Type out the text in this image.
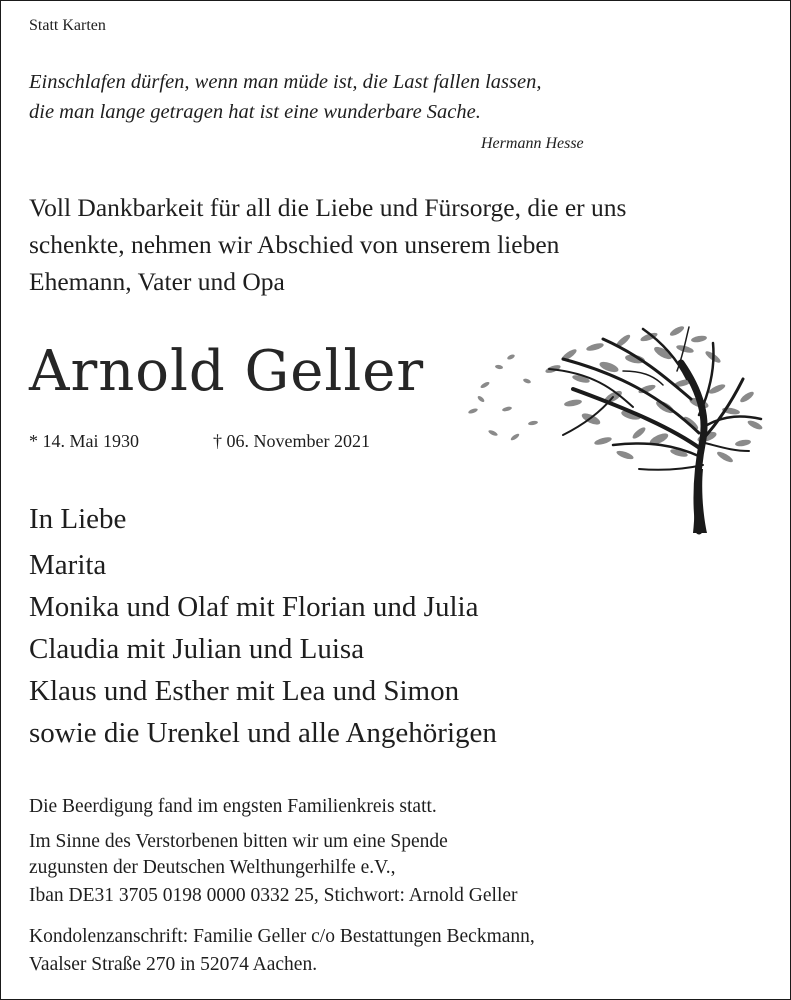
Statt Karten

Einschlafen dürfen, wenn man müde ist, die Last fallen lassen,

die man lange getragen hat ist eine wunderbare Sache.

Hermann Hesse

Voll Dankbarkeit für all die Liebe und Fürsorge, die er uns

schenkte, nehmen wir Abschied von unserem lieben

Ehemann, Vater und Opa

Arnold Geller

* 14. Mai 1930	† 06. November 2021

In Liebe

Marita

Monika und Olaf mit Florian und Julia

Claudia mit Julian und Luisa

Klaus und Esther mit Lea und Simon

sowie die Urenkel und alle Angehörigen

Die Beerdigung fand im engsten Familienkreis statt.

Im Sinne des Verstorbenen bitten wir um eine Spende

zugunsten der Deutschen Welthungerhilfe e.V.,

Iban DE31 3705 0198 0000 0332 25, Stichwort: Arnold Geller

Kondolenzanschrift: Familie Geller c/o Bestattungen Beckmann,

Vaalser Straße 270 in 52074 Aachen.
